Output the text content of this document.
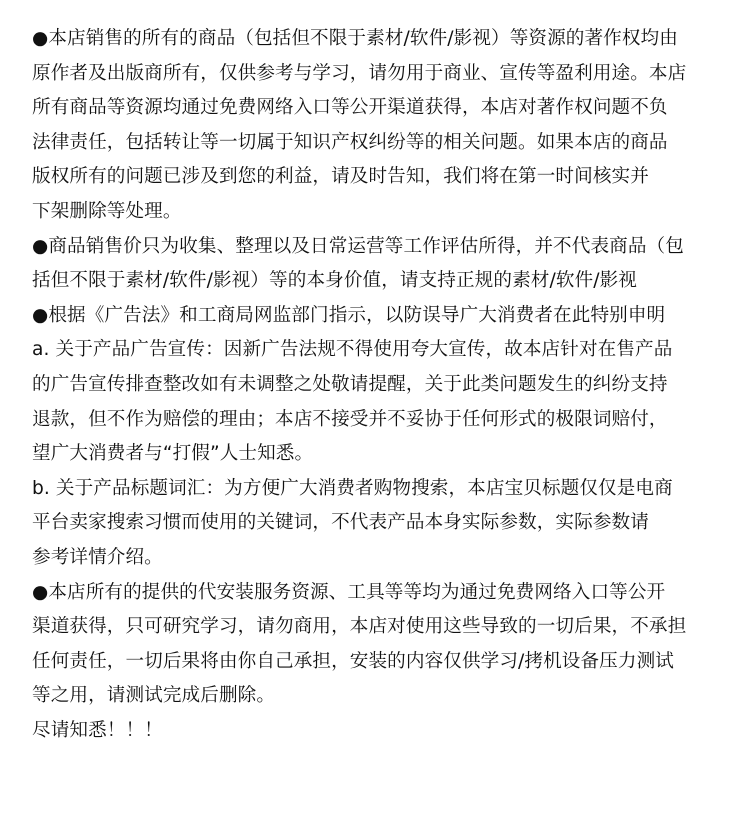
●本店销售的所有的商品（包括但不限于素材/软件/影视）等资源的著作权均由
原作者及出版商所有，仅供参考与学习，请勿用于商业、宣传等盈利用途。本店
所有商品等资源均通过免费网络入口等公开渠道获得，本店对著作权问题不负
法律责任，包括转让等一切属于知识产权纠纷等的相关问题。如果本店的商品
版权所有的问题已涉及到您的利益，请及时告知，我们将在第一时间核实并
下架删除等处理。
●商品销售价只为收集、整理以及日常运营等工作评估所得，并不代表商品（包
括但不限于素材/软件/影视）等的本身价值，请支持正规的素材/软件/影视
●根据《广告法》和工商局网监部门指示，以防误导广大消费者在此特别申明
a. 关于产品广告宣传：因新广告法规不得使用夸大宣传，故本店针对在售产品
的广告宣传排查整改如有未调整之处敬请提醒，关于此类问题发生的纠纷支持
退款，但不作为赔偿的理由；本店不接受并不妥协于任何形式的极限词赔付，
望广大消费者与“打假”人士知悉。
b. 关于产品标题词汇：为方便广大消费者购物搜索，本店宝贝标题仅仅是电商
平台卖家搜索习惯而使用的关键词，不代表产品本身实际参数，实际参数请
参考详情介绍。
●本店所有的提供的代安装服务资源、工具等等均为通过免费网络入口等公开
渠道获得，只可研究学习，请勿商用，本店对使用这些导致的一切后果，不承担
任何责任，一切后果将由你自己承担，安装的内容仅供学习/拷机设备压力测试
等之用，请测试完成后删除。
尽请知悉！！！
